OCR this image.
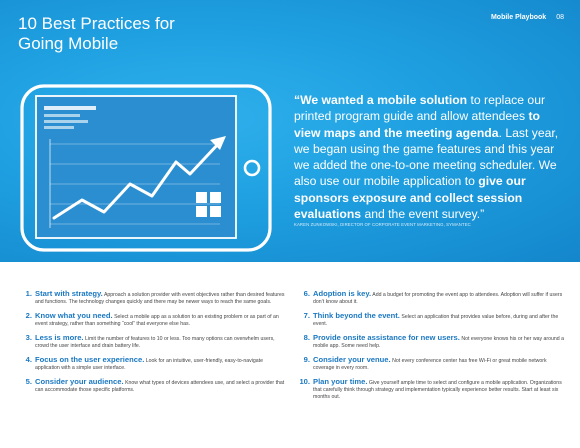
10 Best Practices for
Going Mobile
Mobile Playbook 08
“We wanted a mobile solution to replace our printed program guide and allow attendees to view maps and the meeting agenda. Last year, we began using the game features and this year we added the one-to-one meeting scheduler. We also use our mobile application to give our sponsors exposure and collect session evaluations and the event survey.”
KAREN ZUNKOWSKI, DIRECTOR OF CORPORATE EVENT MARKETING, SYMANTEC
1. Start with strategy. Approach a solution provider with event objectives rather than desired features and functions. The technology changes quickly and there may be newer ways to reach the same goals.
2. Know what you need. Select a mobile app as a solution to an existing problem or as part of an event strategy, rather than something “cool” that everyone else has.
3. Less is more. Limit the number of features to 10 or less. Too many options can overwhelm users, crowd the user interface and drain battery life.
4. Focus on the user experience. Look for an intuitive, user-friendly, easy-to-navigate application with a simple user interface.
5. Consider your audience. Know what types of devices attendees use, and select a provider that can accommodate those specific platforms.
6. Adoption is key. Add a budget for promoting the event app to attendees. Adoption will suffer if users don’t know about it.
7. Think beyond the event. Select an application that provides value before, during and after the event.
8. Provide onsite assistance for new users. Not everyone knows his or her way around a mobile app. Some need help.
9. Consider your venue. Not every conference center has free Wi-Fi or great mobile network coverage in every room.
10. Plan your time. Give yourself ample time to select and configure a mobile application. Organizations that carefully think through strategy and implementation typically experience better results. Start at least six months out.
